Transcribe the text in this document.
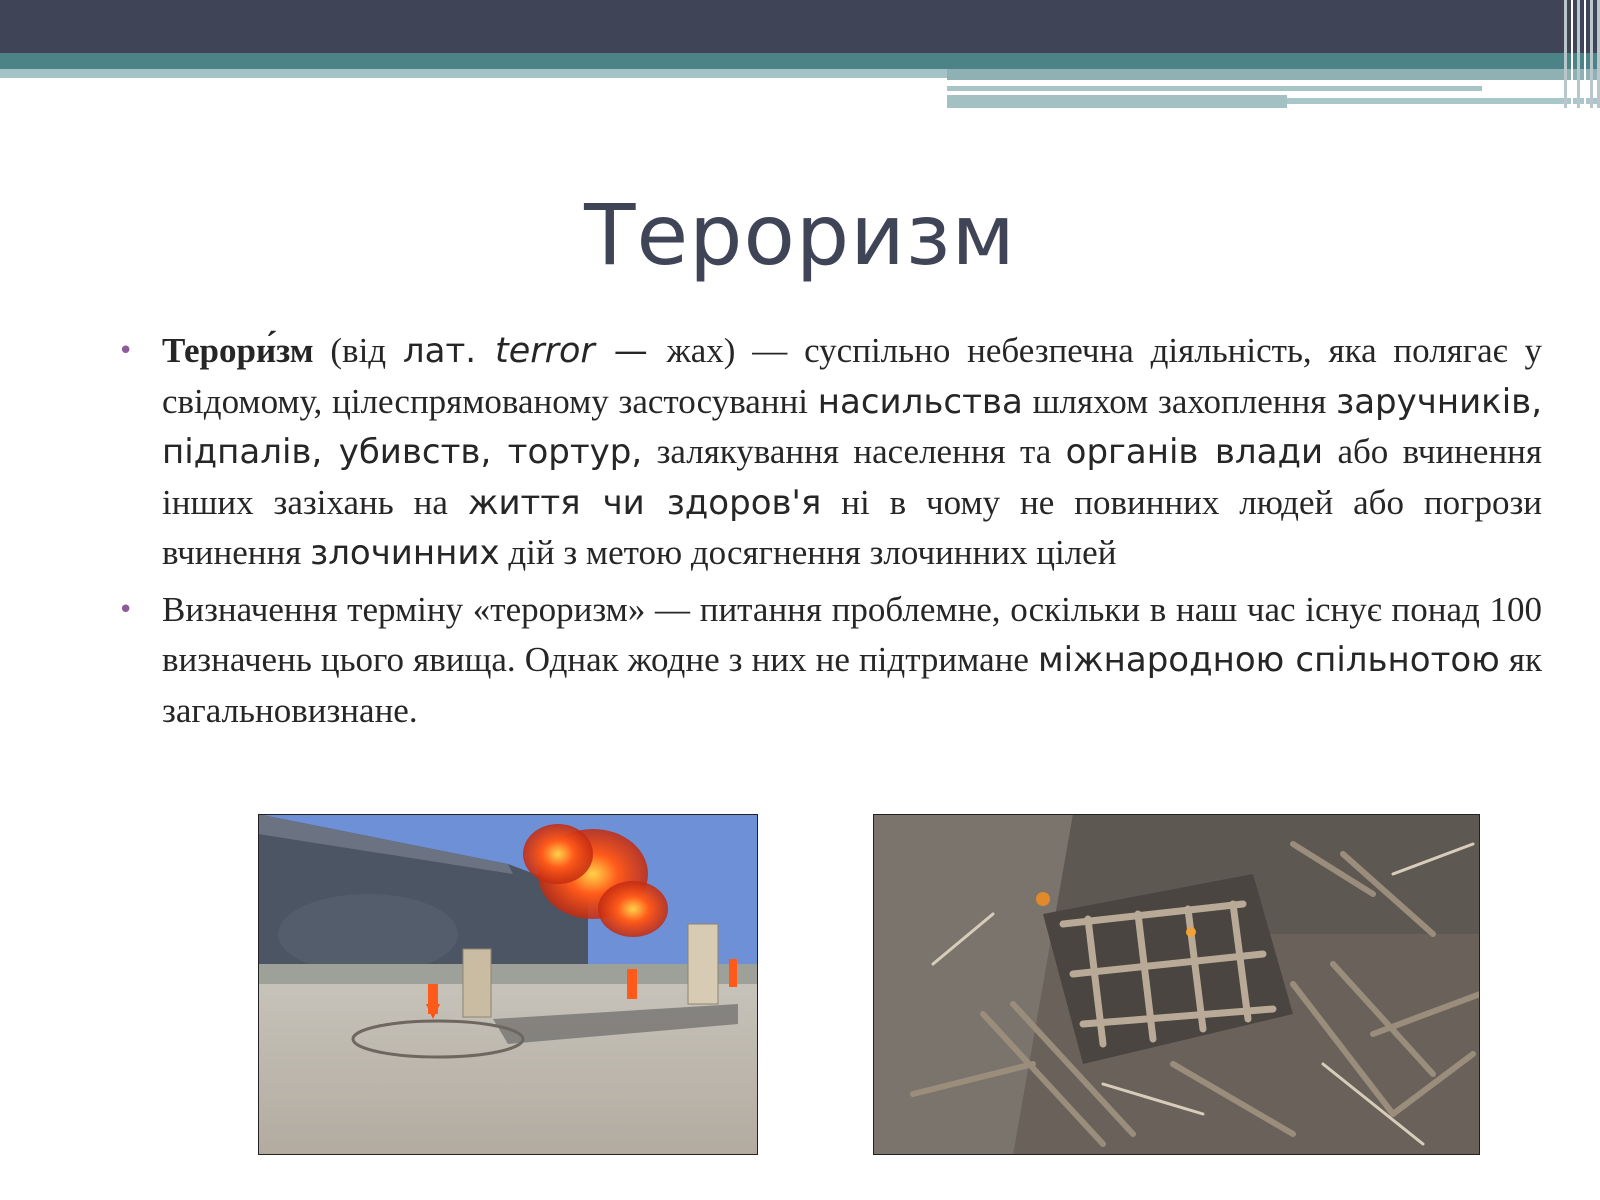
Тероризм
• Терори́зм (від лат. terror — жах) — суспільно небезпечна діяльність, яка полягає у свідомому, цілеспрямованому застосуванні насильства шляхом захоплення заручників, підпалів, убивств, тортур, залякування населення та органів влади або вчинення інших зазіхань на життя чи здоров'я ні в чому не повинних людей або погрози вчинення злочинних дій з метою досягнення злочинних цілей
• Визначення терміну «тероризм» — питання проблемне, оскільки в наш час існує понад 100 визначень цього явища. Однак жодне з них не підтримане міжнародною спільнотою як загальновизнане.
